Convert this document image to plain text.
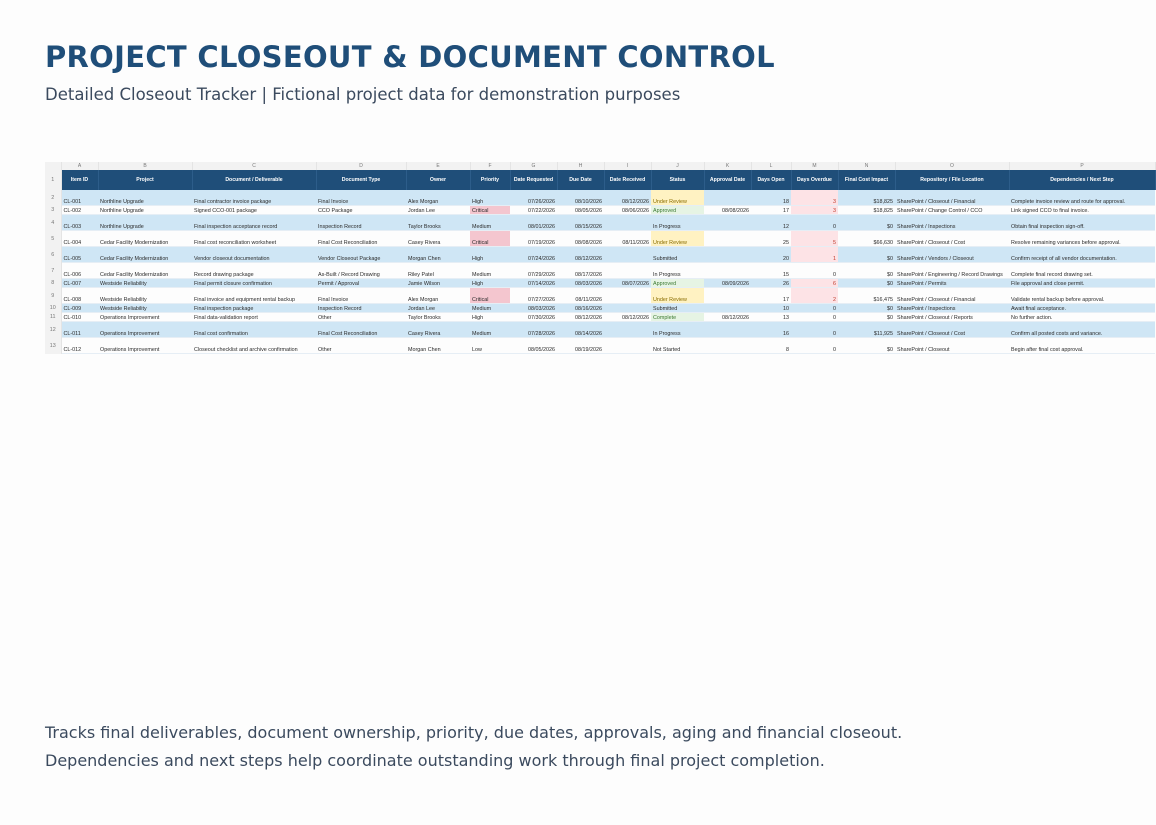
PROJECT CLOSEOUT & DOCUMENT CONTROL
Detailed Closeout Tracker | Fictional project data for demonstration purposes
	A	B	C	D	E	F	G	H	I	J	K	L	M	N	O	P
1	Item ID	Project	Document / Deliverable	Document Type	Owner	Priority	Date Requested	Due Date	Date Received	Status	Approval Date	Days Open	Days Overdue	Final Cost Impact	Repository / File Location	Dependencies / Next Step
2	CL-001	Northline Upgrade	Final contractor invoice package	Final Invoice	Alex Morgan	High	07/26/2026	08/10/2026	08/12/2026	Under Review		18	3	$18,825	SharePoint / Closeout / Financial	Complete invoice review and route for approval.
3	CL-002	Northline Upgrade	Signed CCO-001 package	CCO Package	Jordan Lee	Critical	07/22/2026	08/05/2026	08/06/2026	Approved	08/08/2026	17	3	$18,825	SharePoint / Change Control / CCO	Link signed CCO to final invoice.
4	CL-003	Northline Upgrade	Final inspection acceptance record	Inspection Record	Taylor Brooks	Medium	08/01/2026	08/15/2026		In Progress		12	0	$0	SharePoint / Inspections	Obtain final inspection sign-off.
5	CL-004	Cedar Facility Modernization	Final cost reconciliation worksheet	Final Cost Reconciliation	Casey Rivera	Critical	07/19/2026	08/08/2026	08/11/2026	Under Review		25	5	$66,630	SharePoint / Closeout / Cost	Resolve remaining variances before approval.
6	CL-005	Cedar Facility Modernization	Vendor closeout documentation	Vendor Closeout Package	Morgan Chen	High	07/24/2026	08/12/2026		Submitted		20	1	$0	SharePoint / Vendors / Closeout	Confirm receipt of all vendor documentation.
7	CL-006	Cedar Facility Modernization	Record drawing package	As-Built / Record Drawing	Riley Patel	Medium	07/29/2026	08/17/2026		In Progress		15	0	$0	SharePoint / Engineering / Record Drawings	Complete final record drawing set.
8	CL-007	Westside Reliability	Final permit closure confirmation	Permit / Approval	Jamie Wilson	High	07/14/2026	08/03/2026	08/07/2026	Approved	08/09/2026	26	6	$0	SharePoint / Permits	File approval and close permit.
9	CL-008	Westside Reliability	Final invoice and equipment rental backup	Final Invoice	Alex Morgan	Critical	07/27/2026	08/11/2026		Under Review		17	2	$16,475	SharePoint / Closeout / Financial	Validate rental backup before approval.
10	CL-009	Westside Reliability	Final inspection package	Inspection Record	Jordan Lee	Medium	08/03/2026	08/16/2026		Submitted		10	0	$0	SharePoint / Inspections	Await final acceptance.
11	CL-010	Operations Improvement	Final data-validation report	Other	Taylor Brooks	High	07/30/2026	08/12/2026	08/12/2026	Complete	08/12/2026	13	0	$0	SharePoint / Closeout / Reports	No further action.
12	CL-011	Operations Improvement	Final cost confirmation	Final Cost Reconciliation	Casey Rivera	Medium	07/28/2026	08/14/2026		In Progress		16	0	$11,925	SharePoint / Closeout / Cost	Confirm all posted costs and variance.
13	CL-012	Operations Improvement	Closeout checklist and archive confirmation	Other	Morgan Chen	Low	08/05/2026	08/19/2026		Not Started		8	0	$0	SharePoint / Closeout	Begin after final cost approval.
Tracks final deliverables, document ownership, priority, due dates, approvals, aging and financial closeout.
Dependencies and next steps help coordinate outstanding work through final project completion.
